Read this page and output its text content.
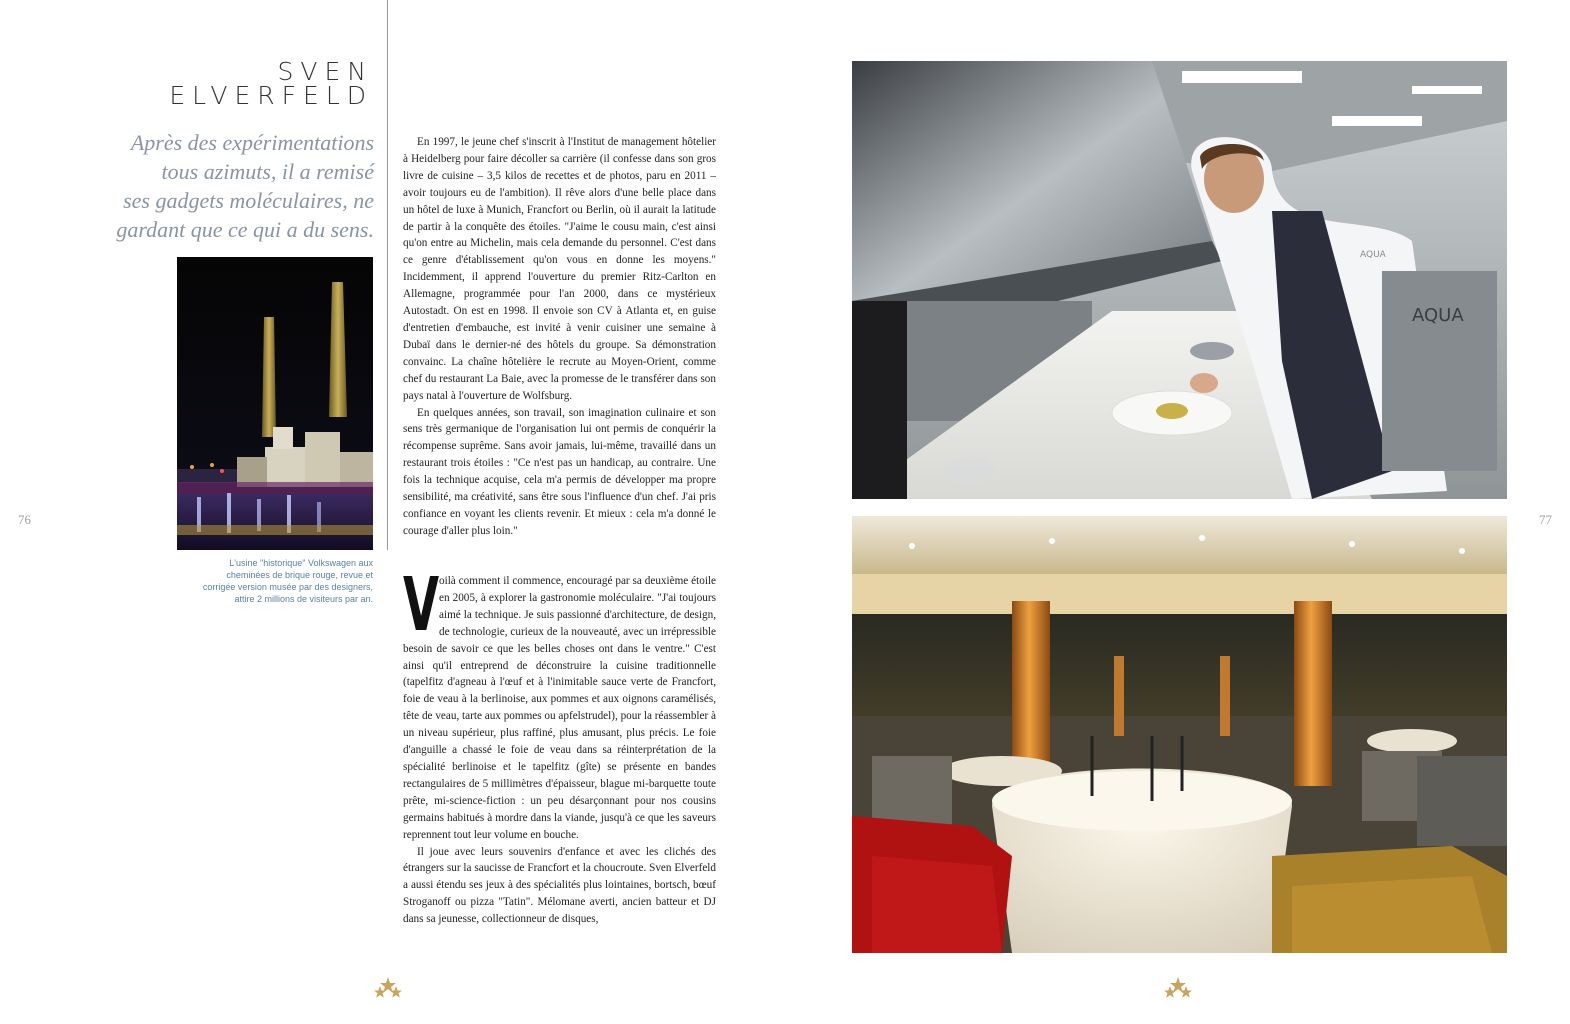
SVEN
ELVERFELD
Après des expérimentations
tous azimuts, il a remisé
ses gadgets moléculaires, ne
gardant que ce qui a du sens.
L'usine "historique" Volkswagen aux
cheminées de brique rouge, revue et
corrigée version musée par des designers,
attire 2 millions de visiteurs par an.
76

En 1997, le jeune chef s'inscrit à l'Institut de management hôtelier à Heidelberg pour faire décoller sa carrière (il confesse dans son gros livre de cuisine – 3,5 kilos de recettes et de photos, paru en 2011 – avoir toujours eu de l'ambition). Il rêve alors d'une belle place dans un hôtel de luxe à Munich, Francfort ou Berlin, où il aurait la latitude de partir à la conquête des étoiles. "J'aime le cousu main, c'est ainsi qu'on entre au Michelin, mais cela demande du personnel. C'est dans ce genre d'établissement qu'on vous en donne les moyens." Incidemment, il apprend l'ouverture du premier Ritz-Carlton en Allemagne, programmée pour l'an 2000, dans ce mystérieux Autostadt. On est en 1998. Il envoie son CV à Atlanta et, en guise d'entretien d'embauche, est invité à venir cuisiner une semaine à Dubaï dans le dernier-né des hôtels du groupe. Sa démonstration convainc. La chaîne hôtelière le recrute au Moyen-Orient, comme chef du restaurant La Baie, avec la promesse de le transférer dans son pays natal à l'ouverture de Wolfsburg.

En quelques années, son travail, son imagination culinaire et son sens très germanique de l'organisation lui ont permis de conquérir la récompense suprême. Sans avoir jamais, lui-même, travaillé dans un restaurant trois étoiles : "Ce n'est pas un handicap, au contraire. Une fois la technique acquise, cela m'a permis de développer ma propre sensibilité, ma créativité, sans être sous l'influence d'un chef. J'ai pris confiance en voyant les clients revenir. Et mieux : cela m'a donné le courage d'aller plus loin."

Voilà comment il commence, encouragé par sa deuxième étoile en 2005, à explorer la gastronomie moléculaire. "J'ai toujours aimé la technique. Je suis passionné d'architecture, de design, de technologie, curieux de la nouveauté, avec un irrépressible besoin de savoir ce que les belles choses ont dans le ventre." C'est ainsi qu'il entreprend de déconstruire la cuisine traditionnelle (tapelfitz d'agneau à l'œuf et à l'inimitable sauce verte de Francfort, foie de veau à la berlinoise, aux pommes et aux oignons caramélisés, tête de veau, tarte aux pommes ou apfelstrudel), pour la réassembler à un niveau supérieur, plus raffiné, plus amusant, plus précis. Le foie d'anguille a chassé le foie de veau dans sa réinterprétation de la spécialité berlinoise et le tapelfitz (gîte) se présente en bandes rectangulaires de 5 millimètres d'épaisseur, blague mi-barquette toute prête, mi-science-fiction : un peu désarçonnant pour nos cousins germains habitués à mordre dans la viande, jusqu'à ce que les saveurs reprennent tout leur volume en bouche.

Il joue avec leurs souvenirs d'enfance et avec les clichés des étrangers sur la saucisse de Francfort et la choucroute. Sven Elverfeld a aussi étendu ses jeux à des spécialités plus lointaines, bortsch, bœuf Stroganoff ou pizza "Tatin". Mélomane averti, ancien batteur et DJ dans sa jeunesse, collectionneur de disques,

77
AQUA
AQUA
